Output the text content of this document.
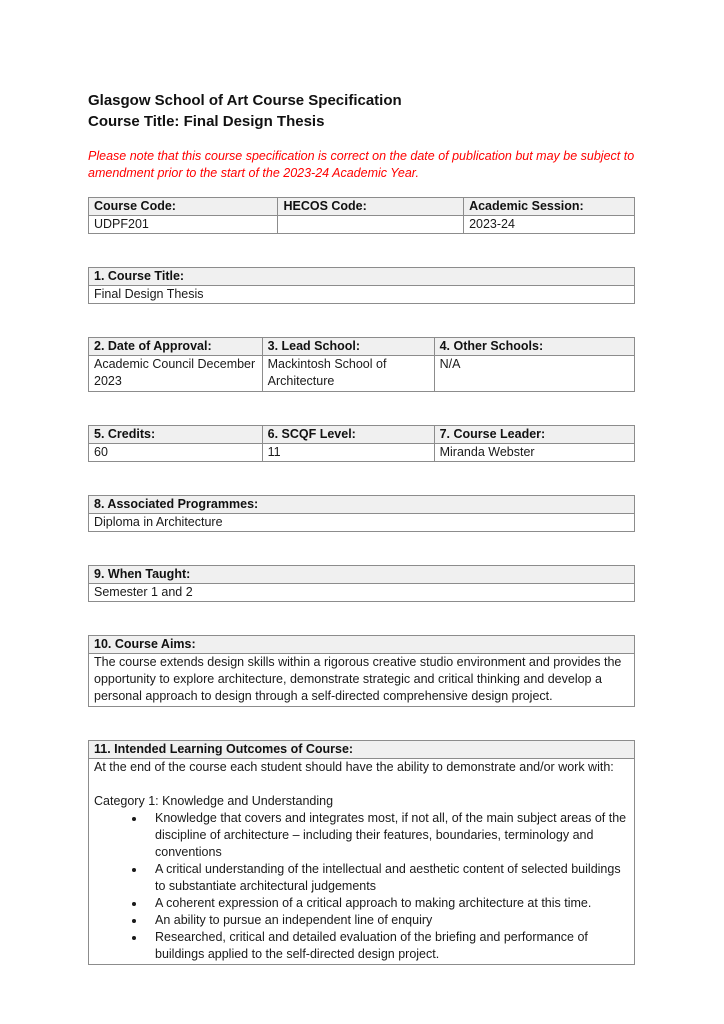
Glasgow School of Art Course Specification
Course Title: Final Design Thesis
Please note that this course specification is correct on the date of publication but may be subject to amendment prior to the start of the 2023-24 Academic Year.
Course Code:	HECOS Code:	Academic Session:
UDPF201		2023-24
1. Course Title:
Final Design Thesis
2. Date of Approval:	3. Lead School:	4. Other Schools:
Academic Council December 2023	Mackintosh School of Architecture	N/A
5. Credits:	6. SCQF Level:	7. Course Leader:
60	11	Miranda Webster
8. Associated Programmes:
Diploma in Architecture
9. When Taught:
Semester 1 and 2
10. Course Aims:
The course extends design skills within a rigorous creative studio environment and provides the opportunity to explore architecture, demonstrate strategic and critical thinking and develop a personal approach to design through a self-directed comprehensive design project.
11. Intended Learning Outcomes of Course:

At the end of the course each student should have the ability to demonstrate and/or work with:
Category 1: Knowledge and Understanding
• Knowledge that covers and integrates most, if not all, of the main subject areas of the discipline of architecture – including their features, boundaries, terminology and conventions
• A critical understanding of the intellectual and aesthetic content of selected buildings to substantiate architectural judgements
• A coherent expression of a critical approach to making architecture at this time.
• An ability to pursue an independent line of enquiry
• Researched, critical and detailed evaluation of the briefing and performance of buildings applied to the self-directed design project.
